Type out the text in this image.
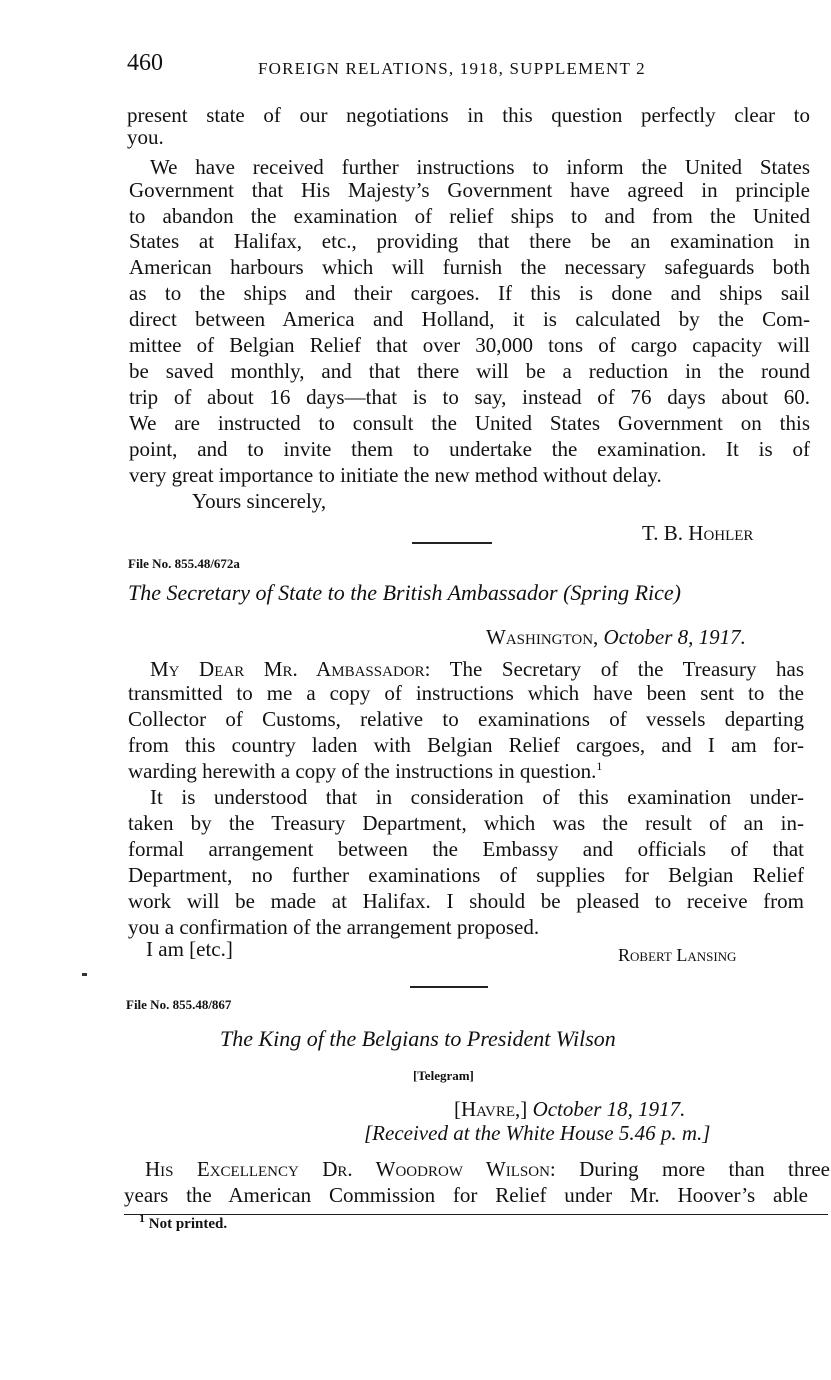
460	FOREIGN RELATIONS, 1918, SUPPLEMENT 2
present state of our negotiations in this question perfectly clear to
you.
We have received further instructions to inform the United States
Government that His Majesty’s Government have agreed in principle
to abandon the examination of relief ships to and from the United
States at Halifax, etc., providing that there be an examination in
American harbours which will furnish the necessary safeguards both
as to the ships and their cargoes. If this is done and ships sail
direct between America and Holland, it is calculated by the Com-
mittee of Belgian Relief that over 30,000 tons of cargo capacity will
be saved monthly, and that there will be a reduction in the round
trip of about 16 days—that is to say, instead of 76 days about 60.
We are instructed to consult the United States Government on this
point, and to invite them to undertake the examination. It is of
very great importance to initiate the new method without delay.
Yours sincerely,
T. B. Hohler
File No. 855.48/672a
The Secretary of State to the British Ambassador (Spring Rice)
Washington, October 8, 1917.
My Dear Mr. Ambassador: The Secretary of the Treasury has
transmitted to me a copy of instructions which have been sent to the
Collector of Customs, relative to examinations of vessels departing
from this country laden with Belgian Relief cargoes, and I am for-
warding herewith a copy of the instructions in question.$^1$
It is understood that in consideration of this examination under-
taken by the Treasury Department, which was the result of an in-
formal arrangement between the Embassy and officials of that
Department, no further examinations of supplies for Belgian Relief
work will be made at Halifax. I should be pleased to receive from
you a confirmation of the arrangement proposed.
I am [etc.]	Robert Lansing
File No. 855.48/867
The King of the Belgians to President Wilson
[Telegram]
[Havre,] October 18, 1917.
[Received at the White House 5.46 p. m.]
His Excellency Dr. Woodrow Wilson: During more than three
years the American Commission for Relief under Mr. Hoover’s able
$^1$ Not printed.
